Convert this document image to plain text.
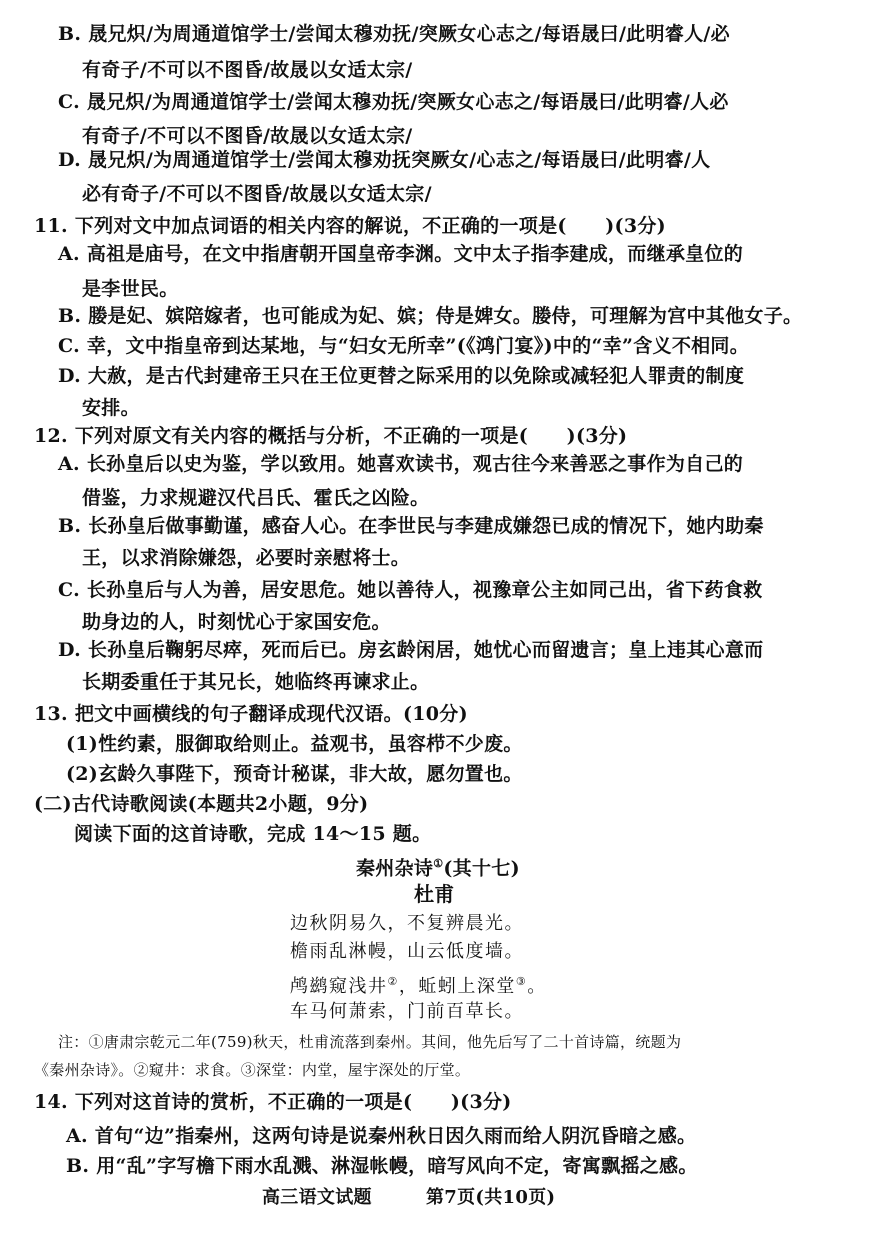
B. 晟兄炽/为周通道馆学士/尝闻太穆劝抚/突厥女心志之/每语晟曰/此明睿人/必
有奇子/不可以不图昏/故晟以女适太宗/
C. 晟兄炽/为周通道馆学士/尝闻太穆劝抚/突厥女心志之/每语晟曰/此明睿/人必
有奇子/不可以不图昏/故晟以女适太宗/
D. 晟兄炽/为周通道馆学士/尝闻太穆劝抚突厥女/心志之/每语晟曰/此明睿/人
必有奇子/不可以不图昏/故晟以女适太宗/
11. 下列对文中加点词语的相关内容的解说，不正确的一项是(　　)(3分)
A. 高祖是庙号，在文中指唐朝开国皇帝李渊。文中太子指李建成，而继承皇位的
是李世民。
B. 媵是妃、嫔陪嫁者，也可能成为妃、嫔；侍是婢女。媵侍，可理解为宫中其他女子。
C. 幸，文中指皇帝到达某地，与“妇女无所幸”(《鸿门宴》)中的“幸”含义不相同。
D. 大赦，是古代封建帝王只在王位更替之际采用的以免除或减轻犯人罪责的制度
安排。
12. 下列对原文有关内容的概括与分析，不正确的一项是(　　)(3分)
A. 长孙皇后以史为鉴，学以致用。她喜欢读书，观古往今来善恶之事作为自己的
借鉴，力求规避汉代吕氏、霍氏之凶险。
B. 长孙皇后做事勤谨，感奋人心。在李世民与李建成嫌怨已成的情况下，她内助秦
王，以求消除嫌怨，必要时亲慰将士。
C. 长孙皇后与人为善，居安思危。她以善待人，视豫章公主如同己出，省下药食救
助身边的人，时刻忧心于家国安危。
D. 长孙皇后鞠躬尽瘁，死而后已。房玄龄闲居，她忧心而留遗言；皇上违其心意而
长期委重任于其兄长，她临终再谏求止。
13. 把文中画横线的句子翻译成现代汉语。(10分)
(1)性约素，服御取给则止。益观书，虽容栉不少废。
(2)玄龄久事陛下，预奇计秘谋，非大故，愿勿置也。
(二)古代诗歌阅读(本题共2小题，9分)
阅读下面的这首诗歌，完成 14～15 题。
秦州杂诗①(其十七)
杜甫
边秋阴易久，不复辨晨光。
檐雨乱淋幔，山云低度墙。
鸬鹚窥浅井②，蚯蚓上深堂③。
车马何萧索，门前百草长。
注：①唐肃宗乾元二年(759)秋天，杜甫流落到秦州。其间，他先后写了二十首诗篇，统题为
《秦州杂诗》。②窥井：求食。③深堂：内堂，屋宇深处的厅堂。
14. 下列对这首诗的赏析，不正确的一项是(　　)(3分)
A. 首句“边”指秦州，这两句诗是说秦州秋日因久雨而给人阴沉昏暗之感。
B. 用“乱”字写檐下雨水乱溅、淋湿帐幔，暗写风向不定，寄寓飘摇之感。
高三语文试题	第7页(共10页)
